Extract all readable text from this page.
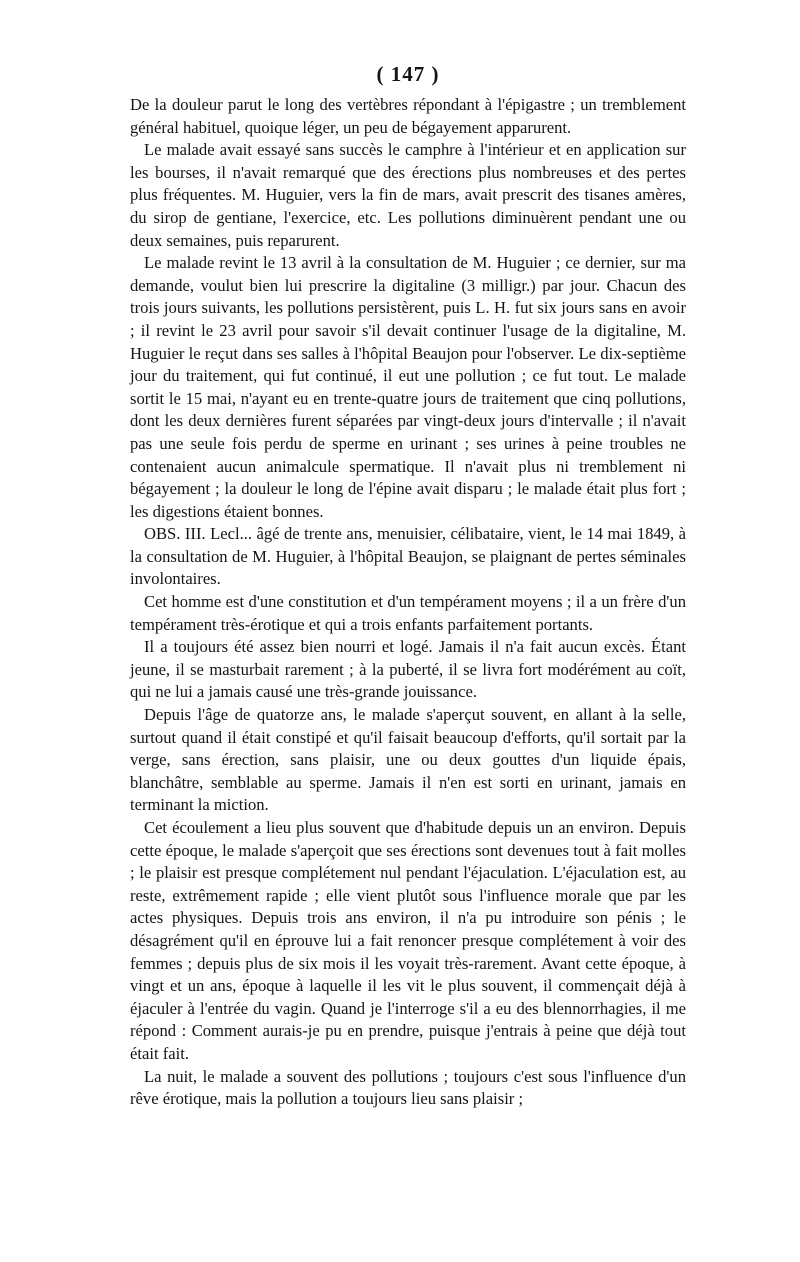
( 147 )

De la douleur parut le long des vertèbres répondant à l'épigastre ; un tremblement général habituel, quoique léger, un peu de bégayement apparurent.

Le malade avait essayé sans succès le camphre à l'intérieur et en application sur les bourses, il n'avait remarqué que des érections plus nombreuses et des pertes plus fréquentes. M. Huguier, vers la fin de mars, avait prescrit des tisanes amères, du sirop de gentiane, l'exercice, etc. Les pollutions diminuèrent pendant une ou deux semaines, puis reparurent.

Le malade revint le 13 avril à la consultation de M. Huguier ; ce dernier, sur ma demande, voulut bien lui prescrire la digitaline (3 milligr.) par jour. Chacun des trois jours suivants, les pollutions persistèrent, puis L. H. fut six jours sans en avoir ; il revint le 23 avril pour savoir s'il devait continuer l'usage de la digitaline, M. Huguier le reçut dans ses salles à l'hôpital Beaujon pour l'observer. Le dix-septième jour du traitement, qui fut continué, il eut une pollution ; ce fut tout. Le malade sortit le 15 mai, n'ayant eu en trente-quatre jours de traitement que cinq pollutions, dont les deux dernières furent séparées par vingt-deux jours d'intervalle ; il n'avait pas une seule fois perdu de sperme en urinant ; ses urines à peine troubles ne contenaient aucun animalcule spermatique. Il n'avait plus ni tremblement ni bégayement ; la douleur le long de l'épine avait disparu ; le malade était plus fort ; les digestions étaient bonnes.

OBS. III. Lecl... âgé de trente ans, menuisier, célibataire, vient, le 14 mai 1849, à la consultation de M. Huguier, à l'hôpital Beaujon, se plaignant de pertes séminales involontaires.

Cet homme est d'une constitution et d'un tempérament moyens ; il a un frère d'un tempérament très-érotique et qui a trois enfants parfaitement portants.

Il a toujours été assez bien nourri et logé. Jamais il n'a fait aucun excès. Étant jeune, il se masturbait rarement ; à la puberté, il se livra fort modérément au coït, qui ne lui a jamais causé une très-grande jouissance.

Depuis l'âge de quatorze ans, le malade s'aperçut souvent, en allant à la selle, surtout quand il était constipé et qu'il faisait beaucoup d'efforts, qu'il sortait par la verge, sans érection, sans plaisir, une ou deux gouttes d'un liquide épais, blanchâtre, semblable au sperme. Jamais il n'en est sorti en urinant, jamais en terminant la miction.

Cet écoulement a lieu plus souvent que d'habitude depuis un an environ. Depuis cette époque, le malade s'aperçoit que ses érections sont devenues tout à fait molles ; le plaisir est presque complétement nul pendant l'éjaculation. L'éjaculation est, au reste, extrêmement rapide ; elle vient plutôt sous l'influence morale que par les actes physiques. Depuis trois ans environ, il n'a pu introduire son pénis ; le désagrément qu'il en éprouve lui a fait renoncer presque complétement à voir des femmes ; depuis plus de six mois il les voyait très-rarement. Avant cette époque, à vingt et un ans, époque à laquelle il les vit le plus souvent, il commençait déjà à éjaculer à l'entrée du vagin. Quand je l'interroge s'il a eu des blennorrhagies, il me répond : Comment aurais-je pu en prendre, puisque j'entrais à peine que déjà tout était fait.

La nuit, le malade a souvent des pollutions ; toujours c'est sous l'influence d'un rêve érotique, mais la pollution a toujours lieu sans plaisir ;
